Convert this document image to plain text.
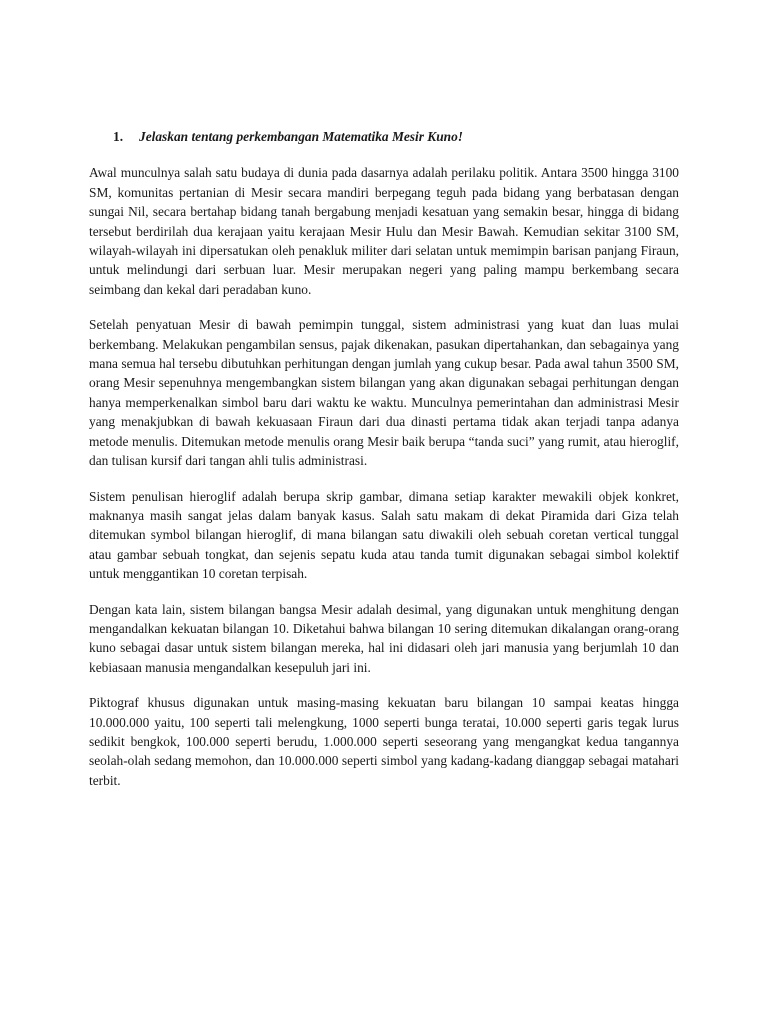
1.	Jelaskan tentang perkembangan Matematika Mesir Kuno!

Awal munculnya salah satu budaya di dunia pada dasarnya adalah perilaku politik. Antara 3500 hingga 3100 SM, komunitas pertanian di Mesir secara mandiri berpegang teguh pada bidang yang berbatasan dengan sungai Nil, secara bertahap bidang tanah bergabung menjadi kesatuan yang semakin besar, hingga di bidang tersebut berdirilah dua kerajaan yaitu kerajaan Mesir Hulu dan Mesir Bawah. Kemudian sekitar 3100 SM, wilayah-wilayah ini dipersatukan oleh penakluk militer dari selatan untuk memimpin barisan panjang Firaun, untuk melindungi dari serbuan luar. Mesir merupakan negeri yang paling mampu berkembang secara seimbang dan kekal dari peradaban kuno.

Setelah penyatuan Mesir di bawah pemimpin tunggal, sistem administrasi yang kuat dan luas mulai berkembang. Melakukan pengambilan sensus, pajak dikenakan, pasukan dipertahankan, dan sebagainya yang mana semua hal tersebu dibutuhkan perhitungan dengan jumlah yang cukup besar. Pada awal tahun 3500 SM, orang Mesir sepenuhnya mengembangkan sistem bilangan yang akan digunakan sebagai perhitungan dengan hanya memperkenalkan simbol baru dari waktu ke waktu. Munculnya pemerintahan dan administrasi Mesir yang menakjubkan di bawah kekuasaan Firaun dari dua dinasti pertama tidak akan terjadi tanpa adanya metode menulis. Ditemukan metode menulis orang Mesir baik berupa “tanda suci” yang rumit, atau hieroglif, dan tulisan kursif dari tangan ahli tulis administrasi.

Sistem penulisan hieroglif adalah berupa skrip gambar, dimana setiap karakter mewakili objek konkret, maknanya masih sangat jelas dalam banyak kasus. Salah satu makam di dekat Piramida dari Giza telah ditemukan symbol bilangan hieroglif, di mana bilangan satu diwakili oleh sebuah coretan vertical tunggal atau gambar sebuah tongkat, dan sejenis sepatu kuda atau tanda tumit digunakan sebagai simbol kolektif untuk menggantikan 10 coretan terpisah.

Dengan kata lain, sistem bilangan bangsa Mesir adalah desimal, yang digunakan untuk menghitung dengan mengandalkan kekuatan bilangan 10. Diketahui bahwa bilangan 10 sering ditemukan dikalangan orang-orang kuno sebagai dasar untuk sistem bilangan mereka, hal ini didasari oleh jari manusia yang berjumlah 10 dan kebiasaan manusia mengandalkan kesepuluh jari ini.

Piktograf khusus digunakan untuk masing-masing kekuatan baru bilangan 10 sampai keatas hingga 10.000.000 yaitu, 100 seperti tali melengkung, 1000 seperti bunga teratai, 10.000 seperti garis tegak lurus sedikit bengkok, 100.000 seperti berudu, 1.000.000 seperti seseorang yang mengangkat kedua tangannya seolah-olah sedang memohon, dan 10.000.000 seperti simbol yang kadang-kadang dianggap sebagai matahari terbit.
